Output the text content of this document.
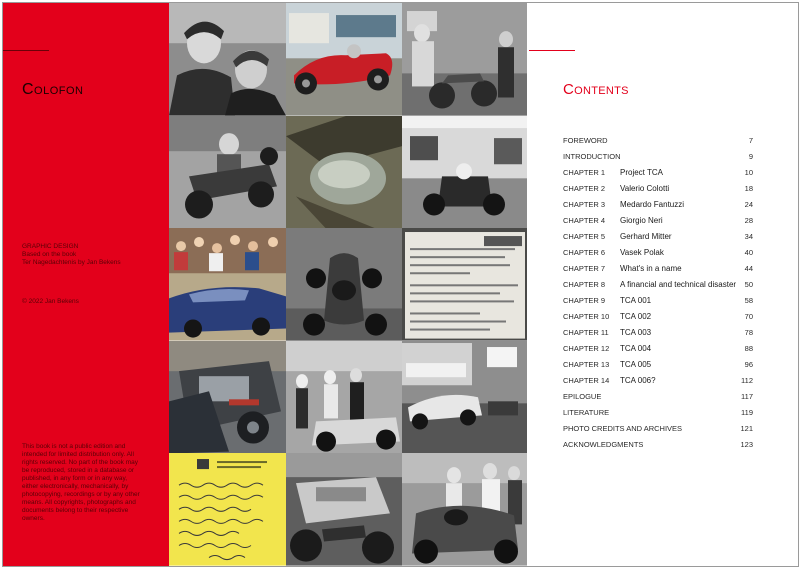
Colofon
GRAPHIC DESIGN
Based on the book
Ter Nagedachtenis by Jan Bekens
© 2022 Jan Bekens
This book is not a public edition and intended for limited distribution only. All rights reserved. No part of the book may be reproduced, stored in a database or published, in any form or in any way, either electronically, mechanically, by photocopying, recordings or by any other means. All copyrights, photographs and documents belong to their respective owners.
Contents
FOREWORD	7
INTRODUCTION	9
CHAPTER 1 Project TCA	10
CHAPTER 2 Valerio Colotti	18
CHAPTER 3 Medardo Fantuzzi	24
CHAPTER 4 Giorgio Neri	28
CHAPTER 5 Gerhard Mitter	34
CHAPTER 6 Vasek Polak	40
CHAPTER 7 What's in a name	44
CHAPTER 8 A financial and technical disaster 50
CHAPTER 9 TCA 001	58
CHAPTER 10 TCA 002	70
CHAPTER 11 TCA 003	78
CHAPTER 12 TCA 004	88
CHAPTER 13 TCA 005	96
CHAPTER 14 TCA 006?	112
EPILOGUE	117
LITERATURE	119
PHOTO CREDITS AND ARCHIVES	121
ACKNOWLEDGMENTS	123
